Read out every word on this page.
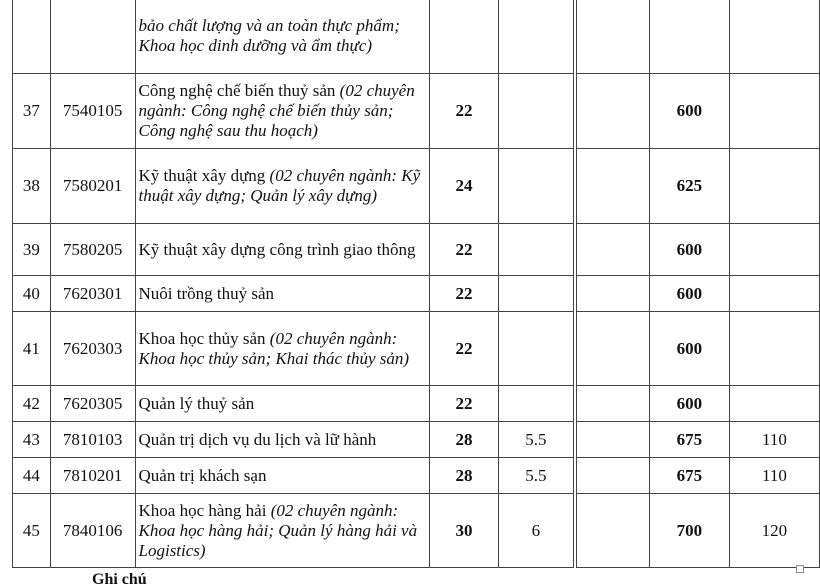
		bảo chất lượng và an toàn thực phẩm; Khoa học dinh dưỡng và ẩm thực)					
37	7540105	Công nghệ chế biến thuỷ sản (02 chuyên ngành: Công nghệ chế biến thủy sản; Công nghệ sau thu hoạch)	22			600	
38	7580201	Kỹ thuật xây dựng (02 chuyên ngành: Kỹ thuật xây dựng; Quản lý xây dựng)	24			625	
39	7580205	Kỹ thuật xây dựng công trình giao thông	22			600	
40	7620301	Nuôi trồng thuỷ sản	22			600	
41	7620303	Khoa học thủy sản (02 chuyên ngành: Khoa học thủy sản; Khai thác thủy sản)	22			600	
42	7620305	Quản lý thuỷ sản	22			600	
43	7810103	Quản trị dịch vụ du lịch và lữ hành	28	5.5		675	110
44	7810201	Quản trị khách sạn	28	5.5		675	110
45	7840106	Khoa học hàng hải (02 chuyên ngành: Khoa học hàng hải; Quản lý hàng hải và Logistics)	30	6		700	120
Ghi chú
